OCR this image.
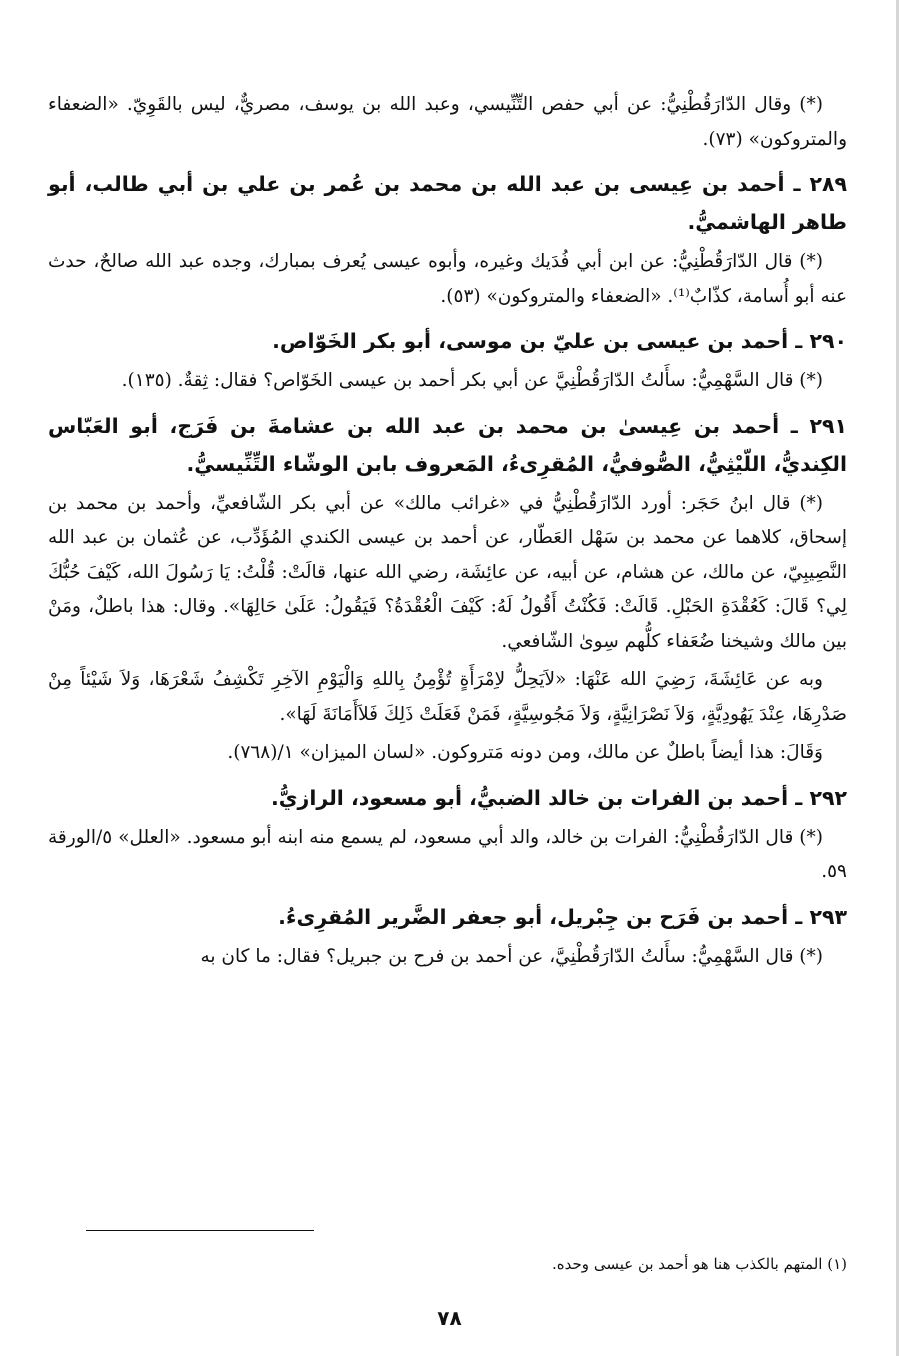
(*) وقال الدّارَقُطْنِيُّ: عن أبي حفص التِّنِّيسي، وعبد الله بن يوسف، مصريٌّ، ليس بالقَوِيّ. «الضعفاء والمتروكون» (٧٣).

٢٨٩ ـ أحمد بن عِيسى بن عبد الله بن محمد بن عُمر بن علي بن أبي طالب، أبو طاهر الهاشميُّ.

(*) قال الدّارَقُطْنِيُّ: عن ابن أبي فُدَيك وغيره، وأبوه عيسى يُعرف بمبارك، وجده عبد الله صالحٌ، حدث عنه أبو أُسامة، كذّابٌ⁽¹⁾. «الضعفاء والمتروكون» (٥٣).

٢٩٠ ـ أحمد بن عيسى بن عليّ بن موسى، أبو بكر الخَوّاص.

(*) قال السَّهْمِيُّ: سأَلتُ الدّارَقُطْنِيَّ عن أبي بكر أحمد بن عيسى الخَوّاص؟ فقال: ثِقةٌ. (١٣٥).

٢٩١ ـ أحمد بن عِيسىٰ بن محمد بن عبد الله بن عشامةَ بن فَرَج، أبو العَبّاس الكِنديُّ، اللّيْثِيُّ، الصُّوفيُّ، المُقرِىءُ، المَعروف بابن الوشّاء التِّنِّيسيُّ.

(*) قال ابنُ حَجَر: أورد الدّارَقُطْنِيُّ في «غرائب مالك» عن أبي بكر الشّافعيِّ، وأحمد بن محمد بن إسحاق، كلاهما عن محمد بن سَهْل العَطّار، عن أحمد بن عيسى الكندي المُؤَدِّب، عن عُثمان بن عبد الله النَّصِيبِيّ، عن مالك، عن هشام، عن أبيه، عن عائِشَة، رضي الله عنها، قالَتْ: قُلْتُ: يَا رَسُولَ الله، كَيْفَ حُبُّكَ لِي؟ قَالَ: كَعُقْدَةِ الحَبْلِ. قَالَتْ: فَكُنْتُ أَقُولُ لَهُ: كَيْفَ الْعُقْدَةُ؟ فَيَقُولُ: عَلَىٰ حَالِهَا». وقال: هذا باطلٌ، ومَنْ بين مالك وشيخنا ضُعَفاء كلُّهم سِوىٰ الشّافعي.

وبه عن عَائِشَةَ، رَضِيَ الله عَنْهَا: «لاَيَحِلُّ لاِمْرَأَةٍ تُؤْمِنُ بِاللهِ وَالْيَوْمِ الآخِرِ تَكْشِفُ شَعْرَهَا، وَلاَ شَيْئاً مِنْ صَدْرِهَا، عِنْدَ يَهُودِيَّةٍ، وَلاَ نَصْرَانِيَّةٍ، وَلاَ مَجُوسِيَّةٍ، فَمَنْ فَعَلَتْ ذَلِكَ فَلاَأَمَانَةَ لَهَا».

وَقَالَ: هذا أيضاً باطلٌ عن مالك، ومن دونه مَتروكون. «لسان الميزان» ١/(٧٦٨).

٢٩٢ ـ أحمد بن الفرات بن خالد الضبيُّ، أبو مسعود، الرازيُّ.

(*) قال الدّارَقُطْنِيُّ: الفرات بن خالد، والد أبي مسعود، لم يسمع منه ابنه أبو مسعود. «العلل» ٥/الورقة ٥٩.

٢٩٣ ـ أحمد بن فَرَح بن جِبْريل، أبو جعفر الضَّرير المُقرِىءُ.

(*) قال السَّهْمِيُّ: سأَلتُ الدّارَقُطْنِيَّ، عن أحمد بن فرح بن جبريل؟ فقال: ما كان به

(١) المتهم بالكذب هنا هو أحمد بن عيسى وحده.
٧٨
